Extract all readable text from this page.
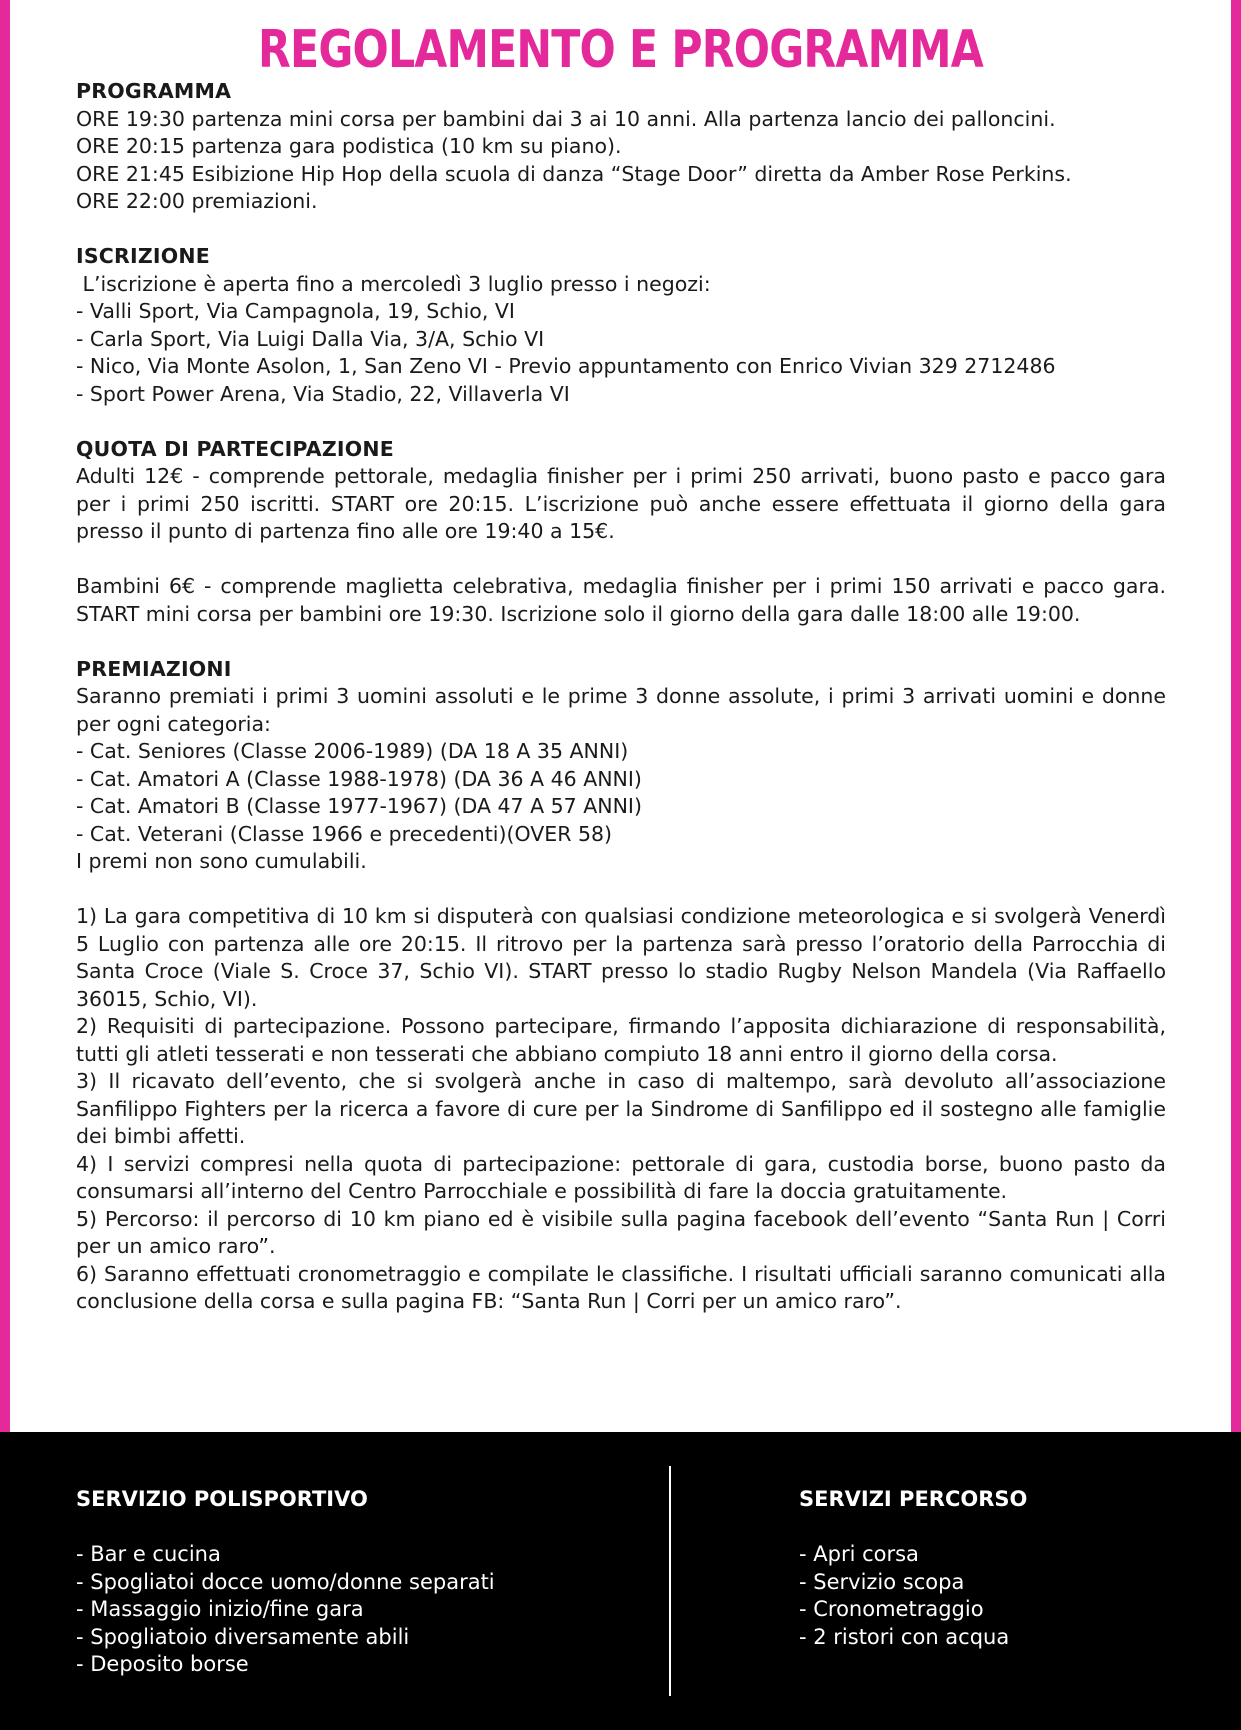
REGOLAMENTO E PROGRAMMA
PROGRAMMA
ORE 19:30 partenza mini corsa per bambini dai 3 ai 10 anni. Alla partenza lancio dei palloncini.
ORE 20:15 partenza gara podistica (10 km su piano).
ORE 21:45 Esibizione Hip Hop della scuola di danza “Stage Door” diretta da Amber Rose Perkins.
ORE 22:00 premiazioni.
ISCRIZIONE
L’iscrizione è aperta fino a mercoledì 3 luglio presso i negozi:
- Valli Sport, Via Campagnola, 19, Schio, VI
- Carla Sport, Via Luigi Dalla Via, 3/A, Schio VI
- Nico, Via Monte Asolon, 1, San Zeno VI - Previo appuntamento con Enrico Vivian 329 2712486
- Sport Power Arena, Via Stadio, 22, Villaverla VI
QUOTA DI PARTECIPAZIONE
Adulti 12€ - comprende pettorale, medaglia finisher per i primi 250 arrivati, buono pasto e pacco gara per i primi 250 iscritti. START ore 20:15. L’iscrizione può anche essere effettuata il giorno della gara presso il punto di partenza fino alle ore 19:40 a 15€.
Bambini 6€ - comprende maglietta celebrativa, medaglia finisher per i primi 150 arrivati e pacco gara. START mini corsa per bambini ore 19:30. Iscrizione solo il giorno della gara dalle 18:00 alle 19:00.
PREMIAZIONI
Saranno premiati i primi 3 uomini assoluti e le prime 3 donne assolute, i primi 3 arrivati uomini e donne per ogni categoria:
- Cat. Seniores (Classe 2006-1989) (DA 18 A 35 ANNI)
- Cat. Amatori A (Classe 1988-1978) (DA 36 A 46 ANNI)
- Cat. Amatori B (Classe 1977-1967) (DA 47 A 57 ANNI)
- Cat. Veterani (Classe 1966 e precedenti)(OVER 58)
I premi non sono cumulabili.
1) La gara competitiva di 10 km si disputerà con qualsiasi condizione meteorologica e si svolgerà Venerdì 5 Luglio con partenza alle ore 20:15. Il ritrovo per la partenza sarà presso l’oratorio della Parrocchia di Santa Croce (Viale S. Croce 37, Schio VI). START presso lo stadio Rugby Nelson Mandela (Via Raffaello 36015, Schio, VI).
2) Requisiti di partecipazione. Possono partecipare, firmando l’apposita dichiarazione di responsabilità, tutti gli atleti tesserati e non tesserati che abbiano compiuto 18 anni entro il giorno della corsa.
3) Il ricavato dell’evento, che si svolgerà anche in caso di maltempo, sarà devoluto all’associazione Sanfilippo Fighters per la ricerca a favore di cure per la Sindrome di Sanfilippo ed il sostegno alle famiglie dei bimbi affetti.
4) I servizi compresi nella quota di partecipazione: pettorale di gara, custodia borse, buono pasto da consumarsi all’interno del Centro Parrocchiale e possibilità di fare la doccia gratuitamente.
5) Percorso: il percorso di 10 km piano ed è visibile sulla pagina facebook dell’evento “Santa Run | Corri per un amico raro”.
6) Saranno effettuati cronometraggio e compilate le classifiche. I risultati ufficiali saranno comunicati alla conclusione della corsa e sulla pagina FB: “Santa Run | Corri per un amico raro”.
SERVIZIO POLISPORTIVO
- Bar e cucina
- Spogliatoi docce uomo/donne separati
- Massaggio inizio/fine gara
- Spogliatoio diversamente abili
- Deposito borse
SERVIZI PERCORSO
- Apri corsa
- Servizio scopa
- Cronometraggio
- 2 ristori con acqua
